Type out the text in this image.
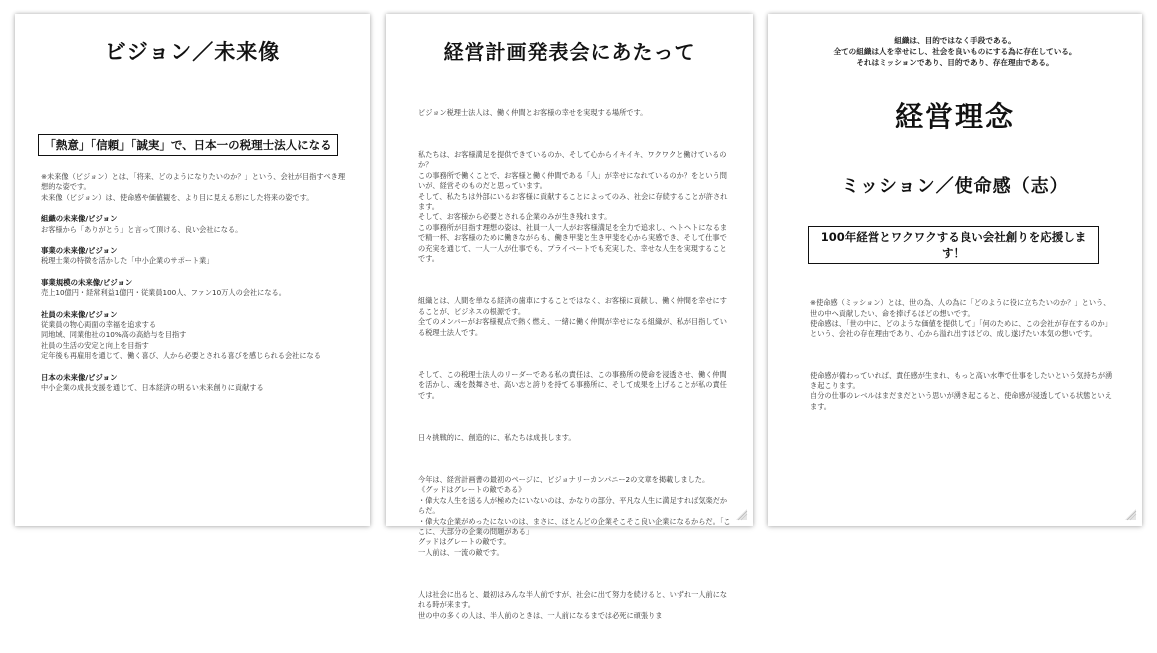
ビジョン／未来像
「熱意」「信頼」「誠実」で、日本一の税理士法人になる
※未来像（ビジョン）とは、「将来、どのようになりたいのか？」という、会社が目指すべき理想的な姿です。
未来像（ビジョン）は、使命感や価値観を、より目に見える形にした将来の姿です。
組織の未来像/ビジョン
お客様から「ありがとう」と言って頂ける、良い会社になる。
事業の未来像/ビジョン
税理士業の特徴を活かした「中小企業のサポート業」
事業規模の未来像/ビジョン
売上10億円・経常利益1億円・従業員100人、ファン10万人の会社になる。
社員の未来像/ビジョン
従業員の物心両面の幸福を追求する
同地域、同業他社の10%高の高給与を目指す
社員の生活の安定と向上を目指す
定年後も再雇用を通じて、働く喜び、人から必要とされる喜びを感じられる会社になる
日本の未来像/ビジョン
中小企業の成長支援を通じて、日本経済の明るい未来創りに貢献する
経営計画発表会にあたって

ビジョン税理士法人は、働く仲間とお客様の幸せを実現する場所です。

私たちは、お客様満足を提供できているのか、そして心からイキイキ、ワクワクと働けているのか？
この事務所で働くことで、お客様と働く仲間である「人」が幸せになれているのか？をという問いが、経営そのものだと思っています。
そして、私たちは外部にいるお客様に貢献することによってのみ、社会に存続することが許されます。
そして、お客様から必要とされる企業のみが生き残れます。
この事務所が目指す理想の姿は、社員一人一人がお客様満足を全力で追求し、ヘトヘトになるまで精一杯、お客様のために働きながらも、働き甲斐と生き甲斐を心から実感でき、そして仕事での充実を通じて、一人一人が仕事でも、プライベートでも充実した、幸せな人生を実現することです。

組織とは、人間を単なる経済の歯車にすることではなく、お客様に貢献し、働く仲間を幸せにすることが、ビジネスの根源です。
全てのメンバーがお客様視点で熱く燃え、一緒に働く仲間が幸せになる組織が、私が目指している税理士法人です。

そして、この税理士法人のリーダーである私の責任は、この事務所の使命を浸透させ、働く仲間を活かし、魂を鼓舞させ、高い志と誇りを持てる事務所に、そして成果を上げることが私の責任です。

日々挑戦的に、創造的に、私たちは成長します。

今年は、経営計画書の最初のページに、ビジョナリーカンパニー2の文章を掲載しました。
《グッドはグレートの敵である》
・偉大な人生を送る人が極めたにいないのは、かなりの部分、平凡な人生に満足すれば気楽だからだ。
・偉大な企業がめったにないのは、まさに、ほとんどの企業そこそこ良い企業になるからだ。「ここに、大部分の企業の問題がある」
グッドはグレートの敵です。
一人前は、一流の敵です。

人は社会に出ると、最初はみんな半人前ですが、社会に出て努力を続けると、いずれ一人前になれる時が来ます。
世の中の多くの人は、半人前のときは、一人前になるまでは必死に頑張りま

組織は、目的ではなく手段である。
全ての組織は人を幸せにし、社会を良いものにする為に存在している。
それはミッションであり、目的であり、存在理由である。
経営理念
ミッション／使命感（志）
100年経営とワクワクする良い会社創りを応援します！

※使命感（ミッション）とは、世の為、人の為に「どのように役に立ちたいのか？」という、世の中へ貢献したい、命を捧げるほどの想いです。
使命感は、「世の中に、どのような価値を提供して」「何のために、この会社が存在するのか」という、会社の存在理由であり、心から溢れ出すほどの、成し遂げたい本気の想いです。

使命感が備わっていれば、責任感が生まれ、もっと高い水準で仕事をしたいという気持ちが湧き起こります。
自分の仕事のレベルはまだまだという思いが湧き起こると、使命感が浸透している状態といえます。
